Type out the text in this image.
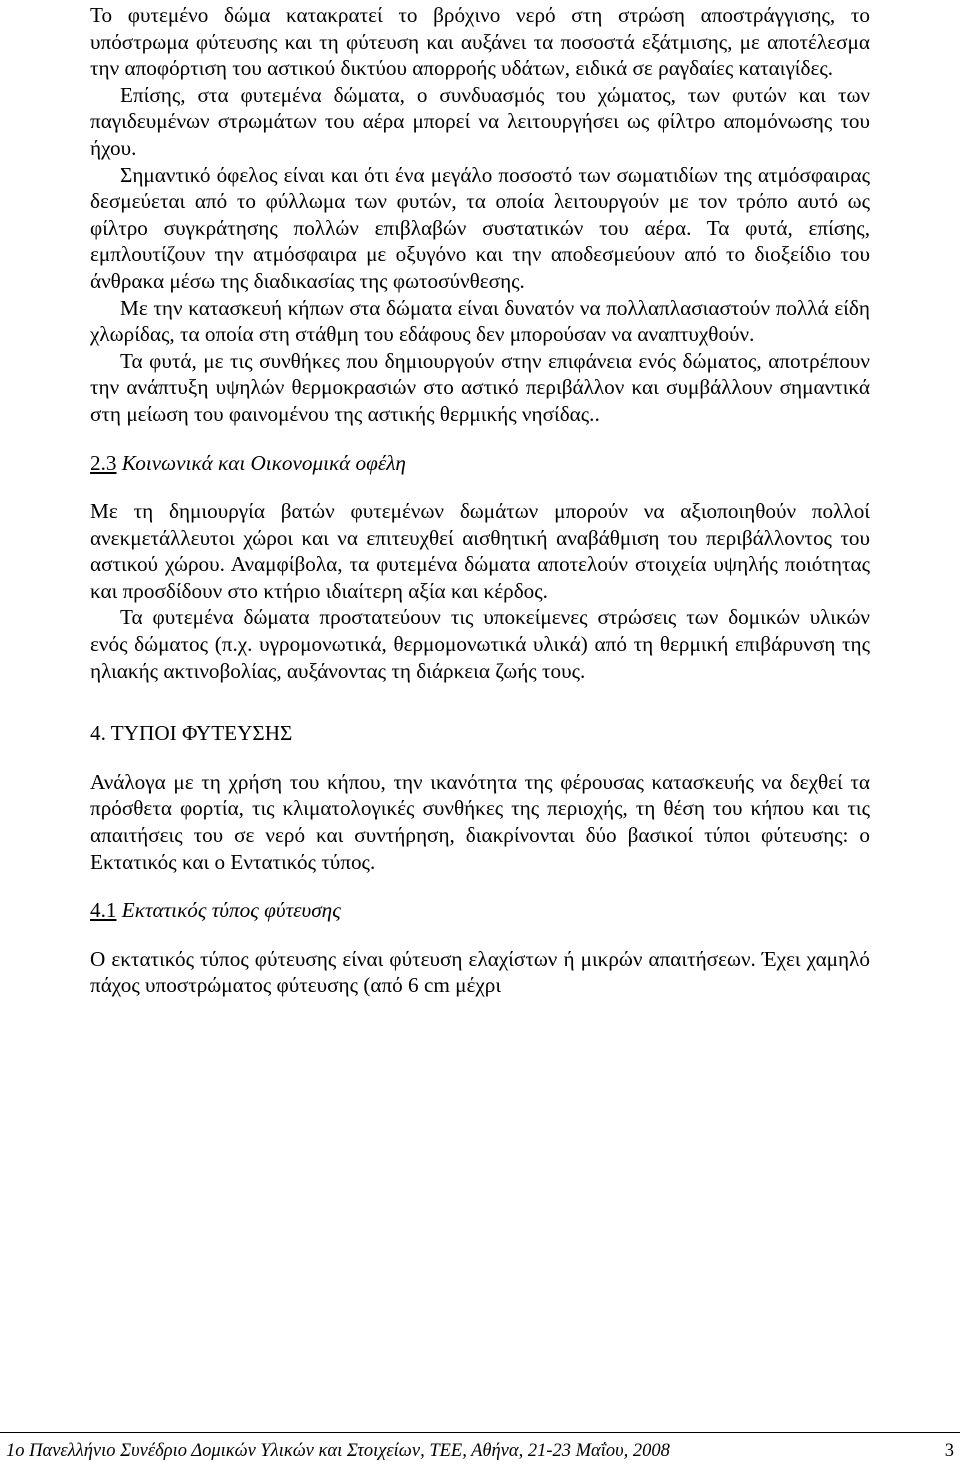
Το φυτεμένο δώμα κατακρατεί το βρόχινο νερό στη στρώση αποστράγγισης, το υπόστρωμα φύτευσης και τη φύτευση και αυξάνει τα ποσοστά εξάτμισης, με αποτέλεσμα την αποφόρτιση του αστικού δικτύου απορροής υδάτων, ειδικά σε ραγδαίες καταιγίδες.

Επίσης, στα φυτεμένα δώματα, ο συνδυασμός του χώματος, των φυτών και των παγιδευμένων στρωμάτων του αέρα μπορεί να λειτουργήσει ως φίλτρο απομόνωσης του ήχου.

Σημαντικό όφελος είναι και ότι ένα μεγάλο ποσοστό των σωματιδίων της ατμόσφαιρας δεσμεύεται από το φύλλωμα των φυτών, τα οποία λειτουργούν με τον τρόπο αυτό ως φίλτρο συγκράτησης πολλών επιβλαβών συστατικών του αέρα. Τα φυτά, επίσης, εμπλουτίζουν την ατμόσφαιρα με οξυγόνο και την αποδεσμεύουν από το διοξείδιο του άνθρακα μέσω της διαδικασίας της φωτοσύνθεσης.

Με την κατασκευή κήπων στα δώματα είναι δυνατόν να πολλαπλασιαστούν πολλά είδη χλωρίδας, τα οποία στη στάθμη του εδάφους δεν μπορούσαν να αναπτυχθούν.

Τα φυτά, με τις συνθήκες που δημιουργούν στην επιφάνεια ενός δώματος, αποτρέπουν την ανάπτυξη υψηλών θερμοκρασιών στο αστικό περιβάλλον και συμβάλλουν σημαντικά στη μείωση του φαινομένου της αστικής θερμικής νησίδας..

2.3 Κοινωνικά και Οικονομικά οφέλη

Με τη δημιουργία βατών φυτεμένων δωμάτων μπορούν να αξιοποιηθούν πολλοί ανεκμετάλλευτοι χώροι και να επιτευχθεί αισθητική αναβάθμιση του περιβάλλοντος του αστικού χώρου. Αναμφίβολα, τα φυτεμένα δώματα αποτελούν στοιχεία υψηλής ποιότητας και προσδίδουν στο κτήριο ιδιαίτερη αξία και κέρδος.

Τα φυτεμένα δώματα προστατεύουν τις υποκείμενες στρώσεις των δομικών υλικών ενός δώματος (π.χ. υγρομονωτικά, θερμομονωτικά υλικά) από τη θερμική επιβάρυνση της ηλιακής ακτινοβολίας, αυξάνοντας τη διάρκεια ζωής τους.

4. ΤΥΠΟΙ ΦΥΤΕΥΣΗΣ

Ανάλογα με τη χρήση του κήπου, την ικανότητα της φέρουσας κατασκευής να δεχθεί τα πρόσθετα φορτία, τις κλιματολογικές συνθήκες της περιοχής, τη θέση του κήπου και τις απαιτήσεις του σε νερό και συντήρηση, διακρίνονται δύο βασικοί τύποι φύτευσης: ο Εκτατικός και ο Εντατικός τύπος.

4.1 Εκτατικός τύπος φύτευσης

Ο εκτατικός τύπος φύτευσης είναι φύτευση ελαχίστων ή μικρών απαιτήσεων. Έχει χαμηλό πάχος υποστρώματος φύτευσης (από 6 cm μέχρι

1ο Πανελλήνιο Συνέδριο Δομικών Υλικών και Στοιχείων, ΤΕΕ, Αθήνα, 21-23 Μαΐου, 2008	3
